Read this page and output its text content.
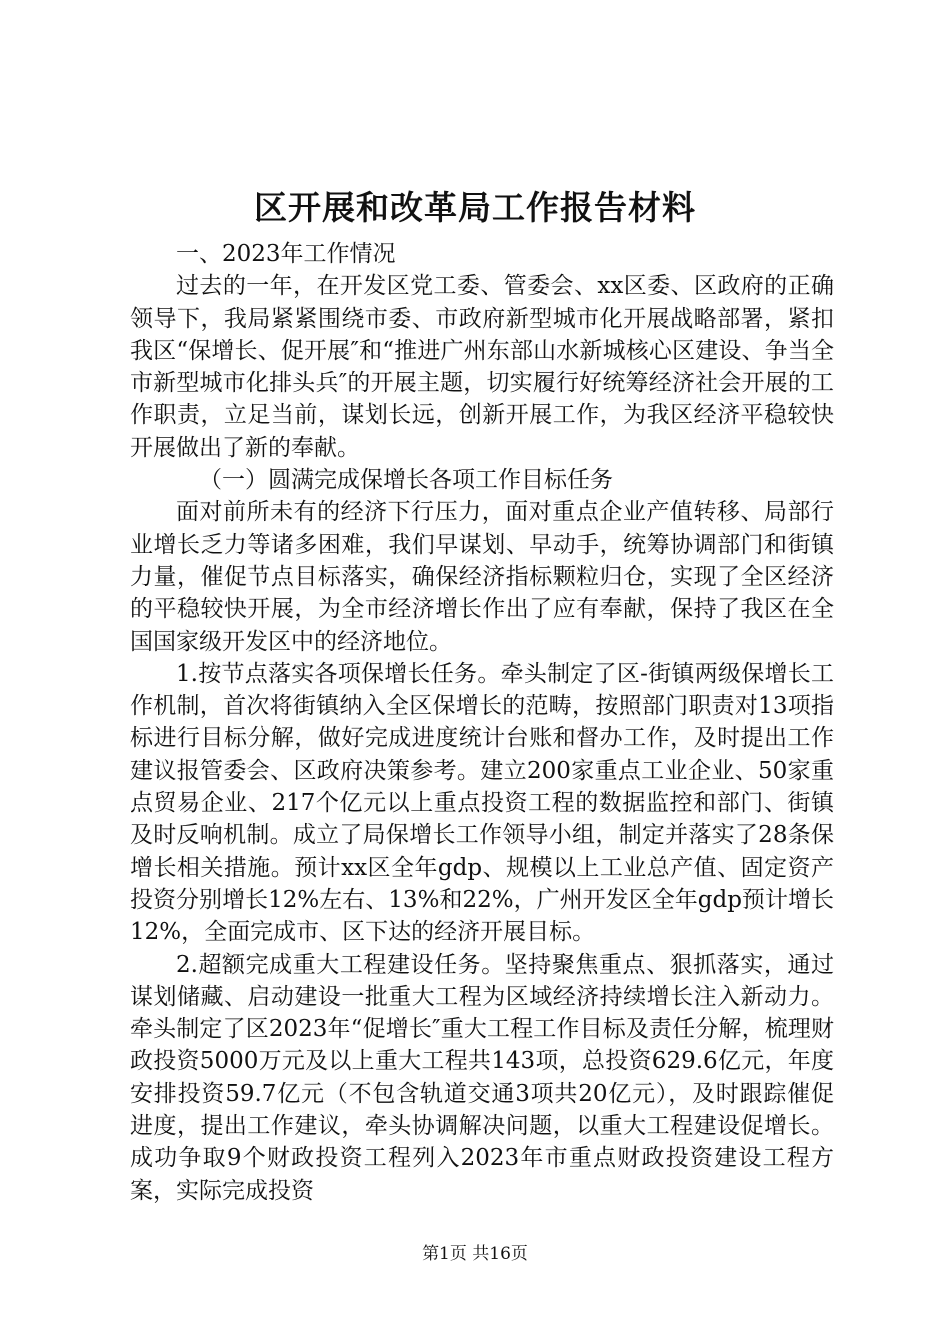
区开展和改革局工作报告材料

一、2023年工作情况

过去的一年，在开发区党工委、管委会、xx区委、区政府的正确领导下，我局紧紧围绕市委、市政府新型城市化开展战略部署，紧扣我区“保增长、促开展″和“推进广州东部山水新城核心区建设、争当全市新型城市化排头兵″的开展主题，切实履行好统筹经济社会开展的工作职责，立足当前，谋划长远，创新开展工作，为我区经济平稳较快开展做出了新的奉献。

（一）圆满完成保增长各项工作目标任务

面对前所未有的经济下行压力，面对重点企业产值转移、局部行业增长乏力等诸多困难，我们早谋划、早动手，统筹协调部门和街镇力量，催促节点目标落实，确保经济指标颗粒归仓，实现了全区经济的平稳较快开展，为全市经济增长作出了应有奉献，保持了我区在全国国家级开发区中的经济地位。

1.按节点落实各项保增长任务。牵头制定了区-街镇两级保增长工作机制，首次将街镇纳入全区保增长的范畴，按照部门职责对13项指标进行目标分解，做好完成进度统计台账和督办工作，及时提出工作建议报管委会、区政府决策参考。建立200家重点工业企业、50家重点贸易企业、217个亿元以上重点投资工程的数据监控和部门、街镇及时反响机制。成立了局保增长工作领导小组，制定并落实了28条保增长相关措施。预计xx区全年gdp、规模以上工业总产值、固定资产投资分别增长12%左右、13%和22%，广州开发区全年gdp预计增长12%，全面完成市、区下达的经济开展目标。

2.超额完成重大工程建设任务。坚持聚焦重点、狠抓落实，通过谋划储藏、启动建设一批重大工程为区域经济持续增长注入新动力。牵头制定了区2023年“促增长″重大工程工作目标及责任分解，梳理财政投资5000万元及以上重大工程共143项，总投资629.6亿元，年度安排投资59.7亿元（不包含轨道交通3项共20亿元），及时跟踪催促进度，提出工作建议，牵头协调解决问题，以重大工程建设促增长。成功争取9个财政投资工程列入2023年市重点财政投资建设工程方案，实际完成投资

第1页 共16页
